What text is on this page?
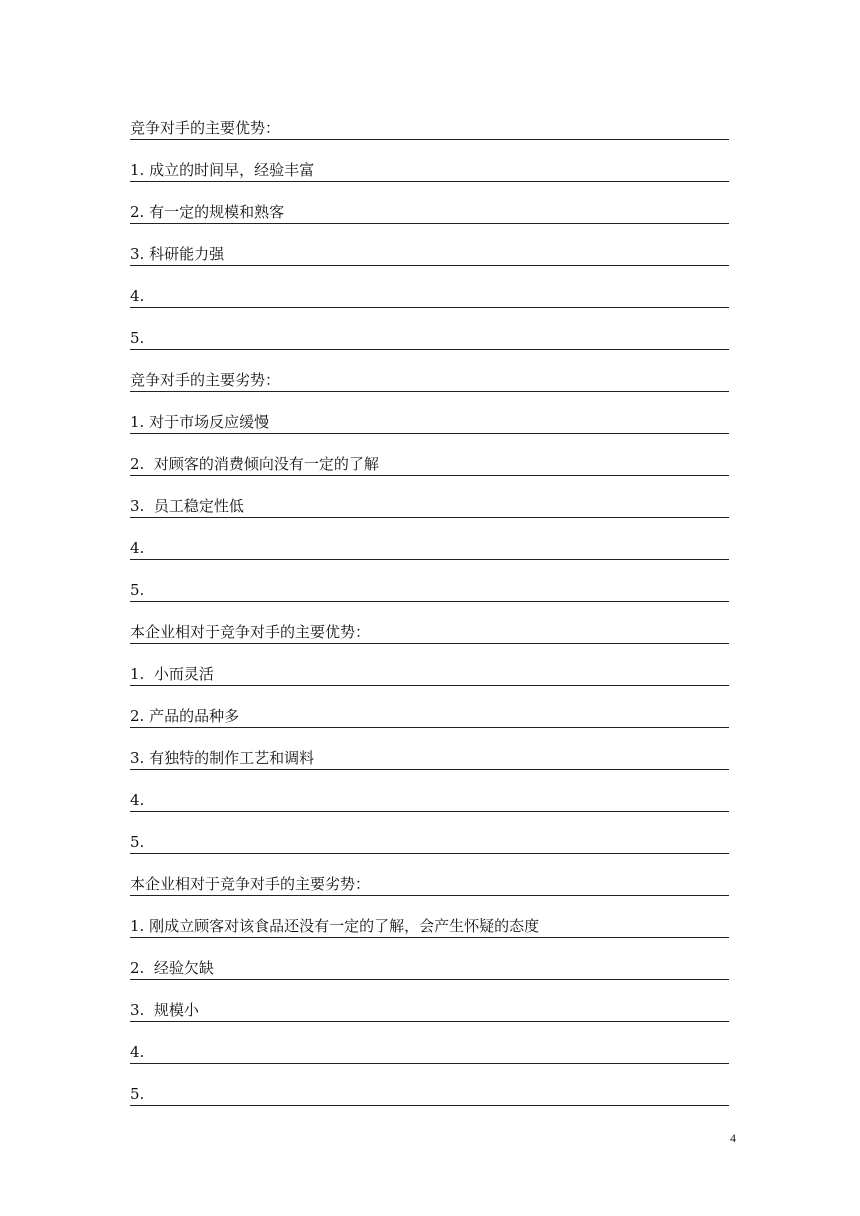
竞争对手的主要优势：
1. 成立的时间早，经验丰富
2. 有一定的规模和熟客
3. 科研能力强
4.
5.
竞争对手的主要劣势：
1. 对于市场反应缓慢
2.  对顾客的消费倾向没有一定的了解
3.  员工稳定性低
4.
5.
本企业相对于竞争对手的主要优势：
1.  小而灵活
2. 产品的品种多
3. 有独特的制作工艺和调料
4.
5.
本企业相对于竞争对手的主要劣势：
1. 刚成立顾客对该食品还没有一定的了解，会产生怀疑的态度
2.  经验欠缺
3.  规模小
4.
5.
4
